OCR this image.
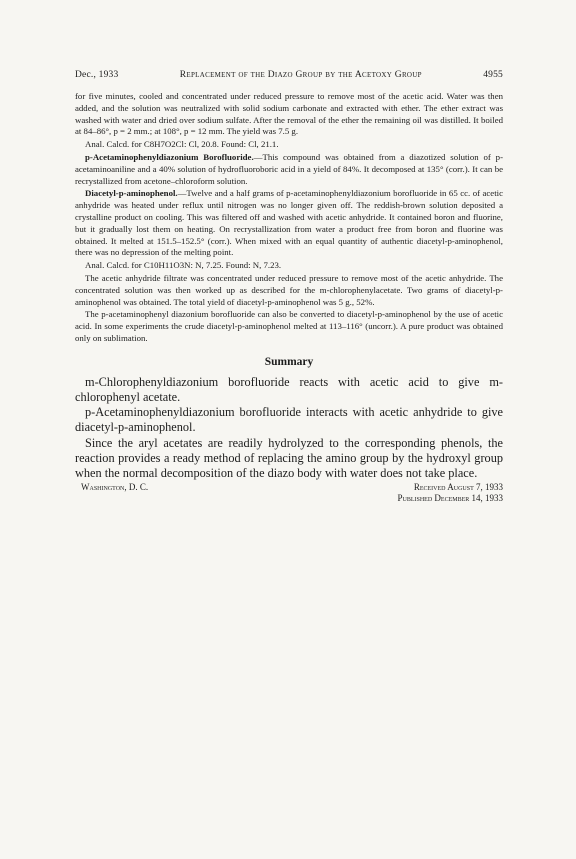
Dec., 1933	Replacement of the Diazo Group by the Acetoxy Group	4955

for five minutes, cooled and concentrated under reduced pressure to remove most of the acetic acid. Water was then added, and the solution was neutralized with solid sodium carbonate and extracted with ether. The ether extract was washed with water and dried over sodium sulfate. After the removal of the ether the remaining oil was distilled. It boiled at 84–86°, p = 2 mm.; at 108°, p = 12 mm. The yield was 7.5 g.

Anal. Calcd. for C8H7O2Cl: Cl, 20.8. Found: Cl, 21.1.

p-Acetaminophenyldiazonium Borofluoride.—This compound was obtained from a diazotized solution of p-acetaminoaniline and a 40% solution of hydrofluoroboric acid in a yield of 84%. It decomposed at 135° (corr.). It can be recrystallized from acetone–chloroform solution.

Diacetyl-p-aminophenol.—Twelve and a half grams of p-acetaminophenyldiazonium borofluoride in 65 cc. of acetic anhydride was heated under reflux until nitrogen was no longer given off. The reddish-brown solution deposited a crystalline product on cooling. This was filtered off and washed with acetic anhydride. It contained boron and fluorine, but it gradually lost them on heating. On recrystallization from water a product free from boron and fluorine was obtained. It melted at 151.5–152.5° (corr.). When mixed with an equal quantity of authentic diacetyl-p-aminophenol, there was no depression of the melting point.

Anal. Calcd. for C10H11O3N: N, 7.25. Found: N, 7.23.

The acetic anhydride filtrate was concentrated under reduced pressure to remove most of the acetic anhydride. The concentrated solution was then worked up as described for the m-chlorophenylacetate. Two grams of diacetyl-p-aminophenol was obtained. The total yield of diacetyl-p-aminophenol was 5 g., 52%.

The p-acetaminophenyl diazonium borofluoride can also be converted to diacetyl-p-aminophenol by the use of acetic acid. In some experiments the crude diacetyl-p-aminophenol melted at 113–116° (uncorr.). A pure product was obtained only on sublimation.

Summary

m-Chlorophenyldiazonium borofluoride reacts with acetic acid to give m-chlorophenyl acetate.

p-Acetaminophenyldiazonium borofluoride interacts with acetic anhydride to give diacetyl-p-aminophenol.

Since the aryl acetates are readily hydrolyzed to the corresponding phenols, the reaction provides a ready method of replacing the amino group by the hydroxyl group when the normal decomposition of the diazo body with water does not take place.

Washington, D. C.	Received August 7, 1933
Published December 14, 1933
